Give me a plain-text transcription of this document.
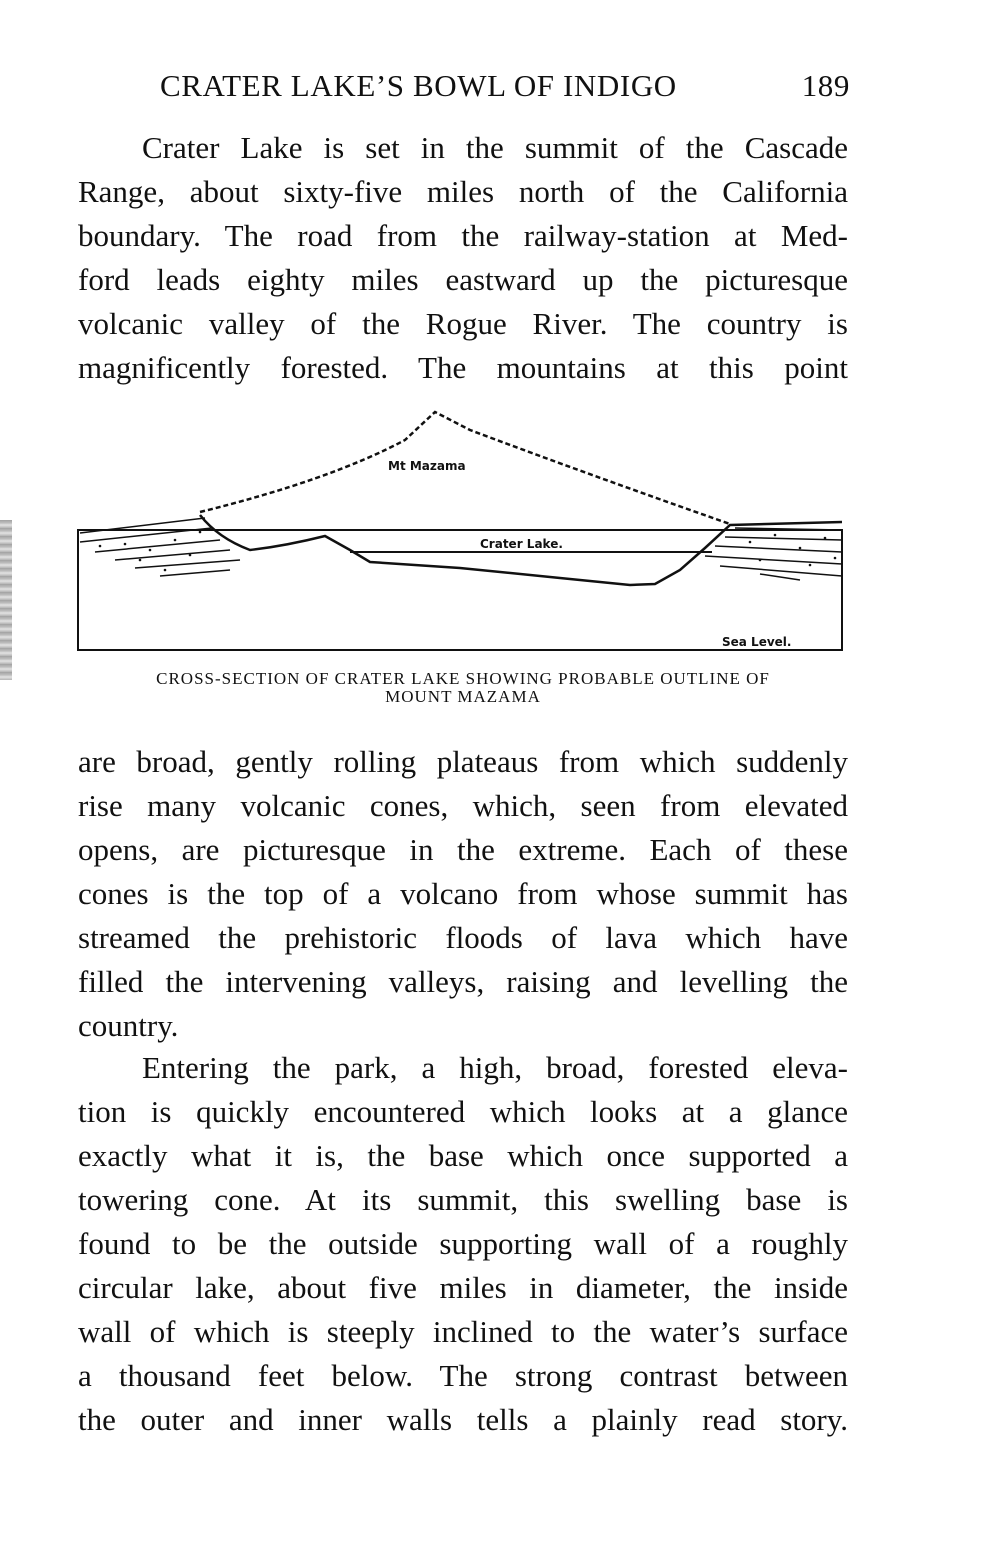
CRATER LAKE’S BOWL OF INDIGO	189
Crater Lake is set in the summit of the Cascade
Range, about sixty-five miles north of the California
boundary. The road from the railway-station at Med-
ford leads eighty miles eastward up the picturesque
volcanic valley of the Rogue River. The country is
magnificently forested. The mountains at this point
Mt Mazama
Crater Lake.
Sea Level.
CROSS-SECTION OF CRATER LAKE SHOWING PROBABLE OUTLINE OF
MOUNT MAZAMA
are broad, gently rolling plateaus from which suddenly
rise many volcanic cones, which, seen from elevated
opens, are picturesque in the extreme. Each of these
cones is the top of a volcano from whose summit has
streamed the prehistoric floods of lava which have
filled the intervening valleys, raising and levelling the
country.
Entering the park, a high, broad, forested eleva-
tion is quickly encountered which looks at a glance
exactly what it is, the base which once supported a
towering cone. At its summit, this swelling base is
found to be the outside supporting wall of a roughly
circular lake, about five miles in diameter, the inside
wall of which is steeply inclined to the water’s surface
a thousand feet below. The strong contrast between
the outer and inner walls tells a plainly read story.
